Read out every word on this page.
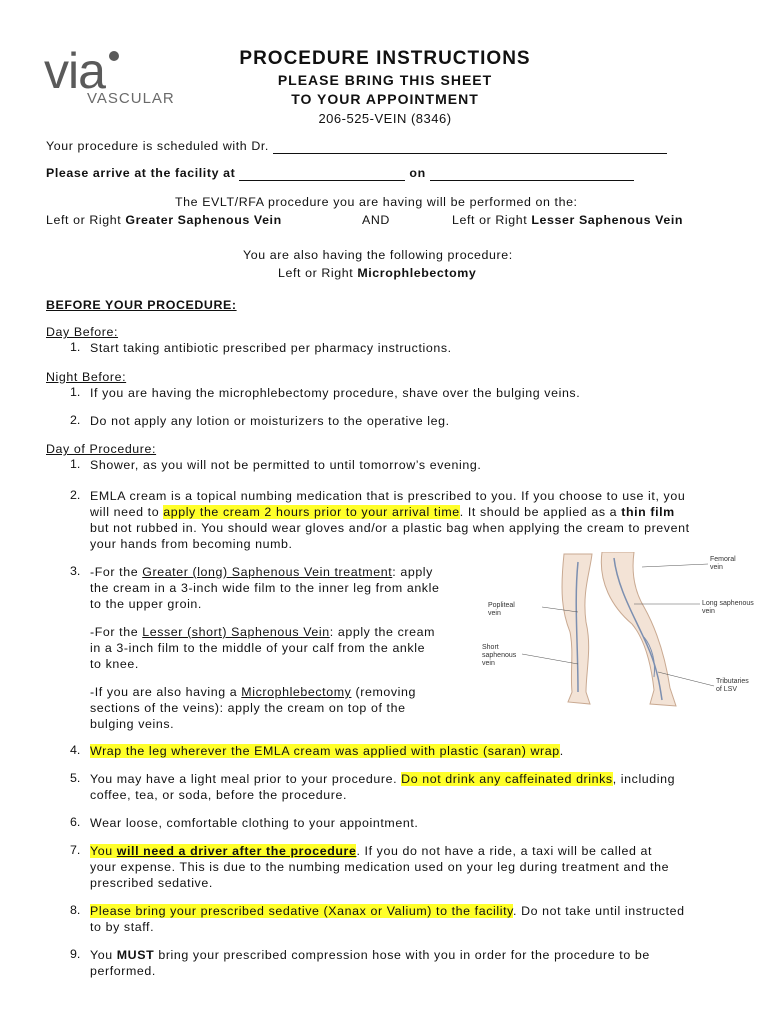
via
VASCULAR
PROCEDURE INSTRUCTIONS
PLEASE BRING THIS SHEET
TO YOUR APPOINTMENT
206-525-VEIN (8346)
Your procedure is scheduled with Dr.
Please arrive at the facility at	on
The EVLT/RFA procedure you are having will be performed on the:
Left or Right Greater Saphenous Vein	AND	Left or Right Lesser Saphenous Vein
You are also having the following procedure:
Left or Right Microphlebectomy
BEFORE YOUR PROCEDURE:
Day Before:
1. Start taking antibiotic prescribed per pharmacy instructions.
Night Before:
1. If you are having the microphlebectomy procedure, shave over the bulging veins.
2. Do not apply any lotion or moisturizers to the operative leg.
Day of Procedure:
1. Shower, as you will not be permitted to until tomorrow’s evening.
2. EMLA cream is a topical numbing medication that is prescribed to you. If you choose to use it, you
will need to apply the cream 2 hours prior to your arrival time. It should be applied as a thin film
but not rubbed in. You should wear gloves and/or a plastic bag when applying the cream to prevent
your hands from becoming numb.
3. -For the Greater (long) Saphenous Vein treatment: apply
the cream in a 3-inch wide film to the inner leg from ankle
to the upper groin.
-For the Lesser (short) Saphenous Vein: apply the cream
in a 3-inch film to the middle of your calf from the ankle
to knee.
-If you are also having a Microphlebectomy (removing
sections of the veins): apply the cream on top of the
bulging veins.
Femoral
vein
Popliteal
vein
Long saphenous
vein
Short
saphenous
vein
Tributaries
of LSV
4. Wrap the leg wherever the EMLA cream was applied with plastic (saran) wrap.
5. You may have a light meal prior to your procedure. Do not drink any caffeinated drinks, including
coffee, tea, or soda, before the procedure.
6. Wear loose, comfortable clothing to your appointment.
7. You will need a driver after the procedure. If you do not have a ride, a taxi will be called at
your expense. This is due to the numbing medication used on your leg during treatment and the
prescribed sedative.
8. Please bring your prescribed sedative (Xanax or Valium) to the facility. Do not take until instructed
to by staff.
9. You MUST bring your prescribed compression hose with you in order for the procedure to be
performed.
